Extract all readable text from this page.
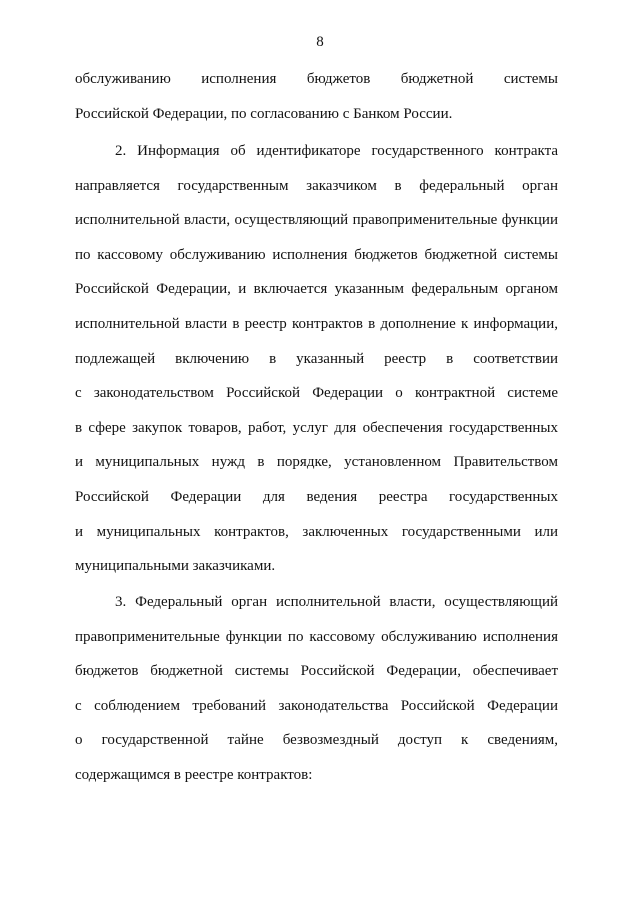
8
обслуживанию исполнения бюджетов бюджетной системы
Российской Федерации, по согласованию с Банком России.
2. Информация об идентификаторе государственного контракта
направляется государственным заказчиком в федеральный орган
исполнительной власти, осуществляющий правоприменительные функции
по кассовому обслуживанию исполнения бюджетов бюджетной системы
Российской Федерации, и включается указанным федеральным органом
исполнительной власти в реестр контрактов в дополнение к информации,
подлежащей включению в указанный реестр в соответствии
с законодательством Российской Федерации о контрактной системе
в сфере закупок товаров, работ, услуг для обеспечения государственных
и муниципальных нужд в порядке, установленном Правительством
Российской Федерации для ведения реестра государственных
и муниципальных контрактов, заключенных государственными или
муниципальными заказчиками.
3. Федеральный орган исполнительной власти, осуществляющий
правоприменительные функции по кассовому обслуживанию исполнения
бюджетов бюджетной системы Российской Федерации, обеспечивает
с соблюдением требований законодательства Российской Федерации
о государственной тайне безвозмездный доступ к сведениям,
содержащимся в реестре контрактов:
